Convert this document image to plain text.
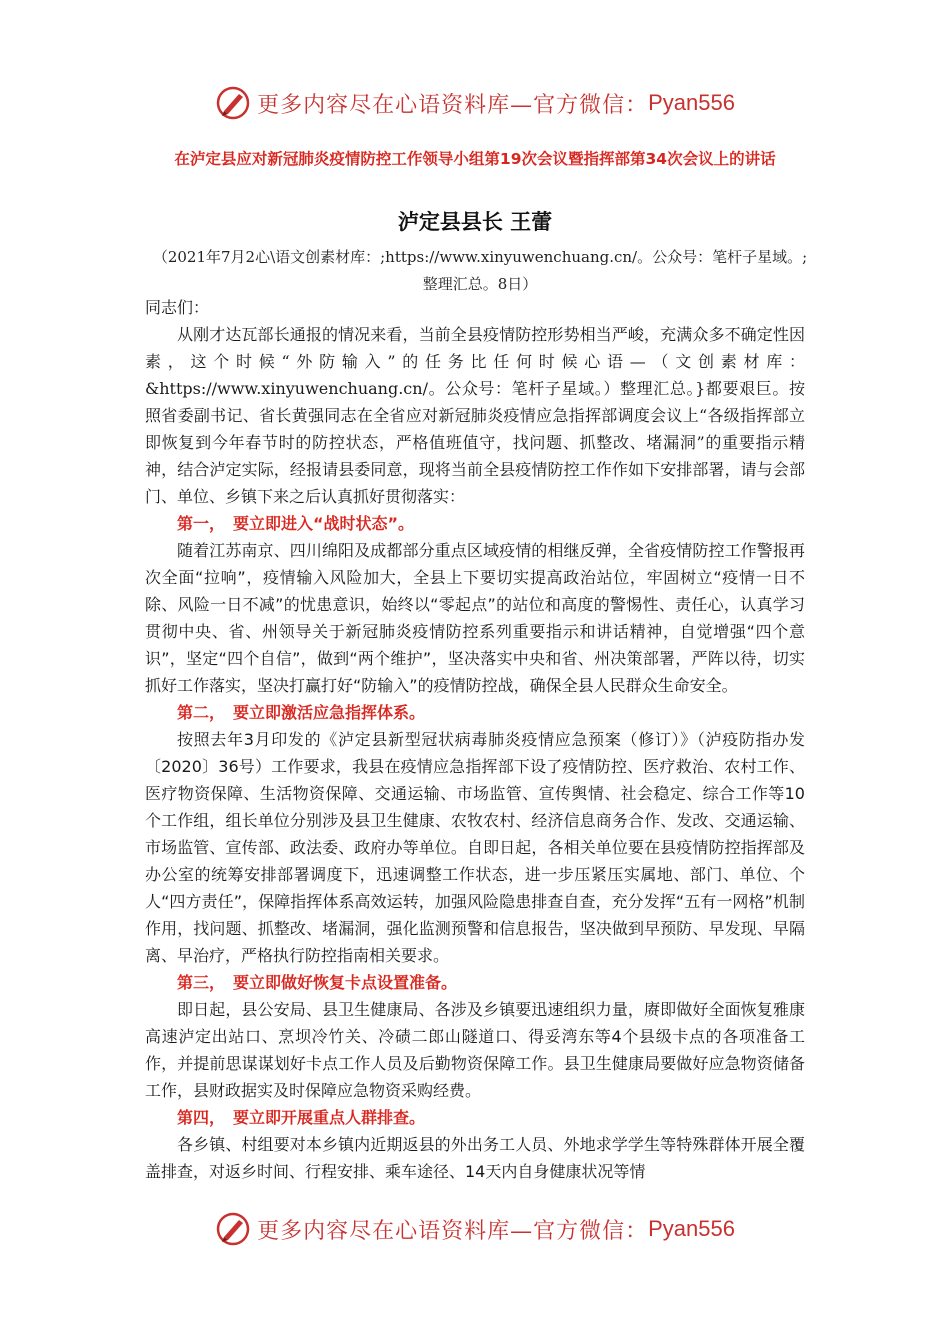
更多内容尽在心语资料库—官方微信： Pyan556
在泸定县应对新冠肺炎疫情防控工作领导小组第19次会议暨指挥部第34次会议上的讲话
泸定县县长 王蕾
（2021年7月2心\语文创素材库：;https://www.xinyuwenchuang.cn/。公众号：笔杆子星域。;整理汇总。8日）

同志们：

从刚才达瓦部长通报的情况来看，当前全县疫情防控形势相当严峻，充满众多不确定性因素，这个时候“外防输入”的任务比任何时候心语—（文创素材库：&https://www.xinyuwenchuang.cn/。公众号：笔杆子星域。）整理汇总。}都要艰巨。按照省委副书记、省长黄强同志在全省应对新冠肺炎疫情应急指挥部调度会议上“各级指挥部立即恢复到今年春节时的防控状态，严格值班值守，找问题、抓整改、堵漏洞”的重要指示精神，结合泸定实际，经报请县委同意，现将当前全县疫情防控工作作如下安排部署，请与会部门、单位、乡镇下来之后认真抓好贯彻落实：

第一，　要立即进入“战时状态”。

随着江苏南京、四川绵阳及成都部分重点区域疫情的相继反弹，全省疫情防控工作警报再次全面“拉响”，疫情输入风险加大，全县上下要切实提高政治站位，牢固树立“疫情一日不除、风险一日不减”的忧患意识，始终以“零起点”的站位和高度的警惕性、责任心，认真学习贯彻中央、省、州领导关于新冠肺炎疫情防控系列重要指示和讲话精神，自觉增强“四个意识”，坚定“四个自信”，做到“两个维护”，坚决落实中央和省、州决策部署，严阵以待，切实抓好工作落实，坚决打赢打好“防输入”的疫情防控战，确保全县人民群众生命安全。

第二，　要立即激活应急指挥体系。

按照去年3月印发的《泸定县新型冠状病毒肺炎疫情应急预案（修订）》（泸疫防指办发〔2020〕36号）工作要求，我县在疫情应急指挥部下设了疫情防控、医疗救治、农村工作、医疗物资保障、生活物资保障、交通运输、市场监管、宣传舆情、社会稳定、综合工作等10个工作组，组长单位分别涉及县卫生健康、农牧农村、经济信息商务合作、发改、交通运输、市场监管、宣传部、政法委、政府办等单位。自即日起，各相关单位要在县疫情防控指挥部及办公室的统筹安排部署调度下，迅速调整工作状态，进一步压紧压实属地、部门、单位、个人“四方责任”，保障指挥体系高效运转，加强风险隐患排查自查，充分发挥“五有一网格”机制作用，找问题、抓整改、堵漏洞，强化监测预警和信息报告，坚决做到早预防、早发现、早隔离、早治疗，严格执行防控指南相关要求。

第三，　要立即做好恢复卡点设置准备。

即日起，县公安局、县卫生健康局、各涉及乡镇要迅速组织力量，赓即做好全面恢复雅康高速泸定出站口、烹坝冷竹关、冷碛二郎山隧道口、得妥湾东等4个县级卡点的各项准备工作，并提前思谋谋划好卡点工作人员及后勤物资保障工作。县卫生健康局要做好应急物资储备工作，县财政据实及时保障应急物资采购经费。

第四，　要立即开展重点人群排查。

各乡镇、村组要对本乡镇内近期返县的外出务工人员、外地求学学生等特殊群体开展全覆盖排查，对返乡时间、行程安排、乘车途径、14天内自身健康状况等情

更多内容尽在心语资料库—官方微信： Pyan556
